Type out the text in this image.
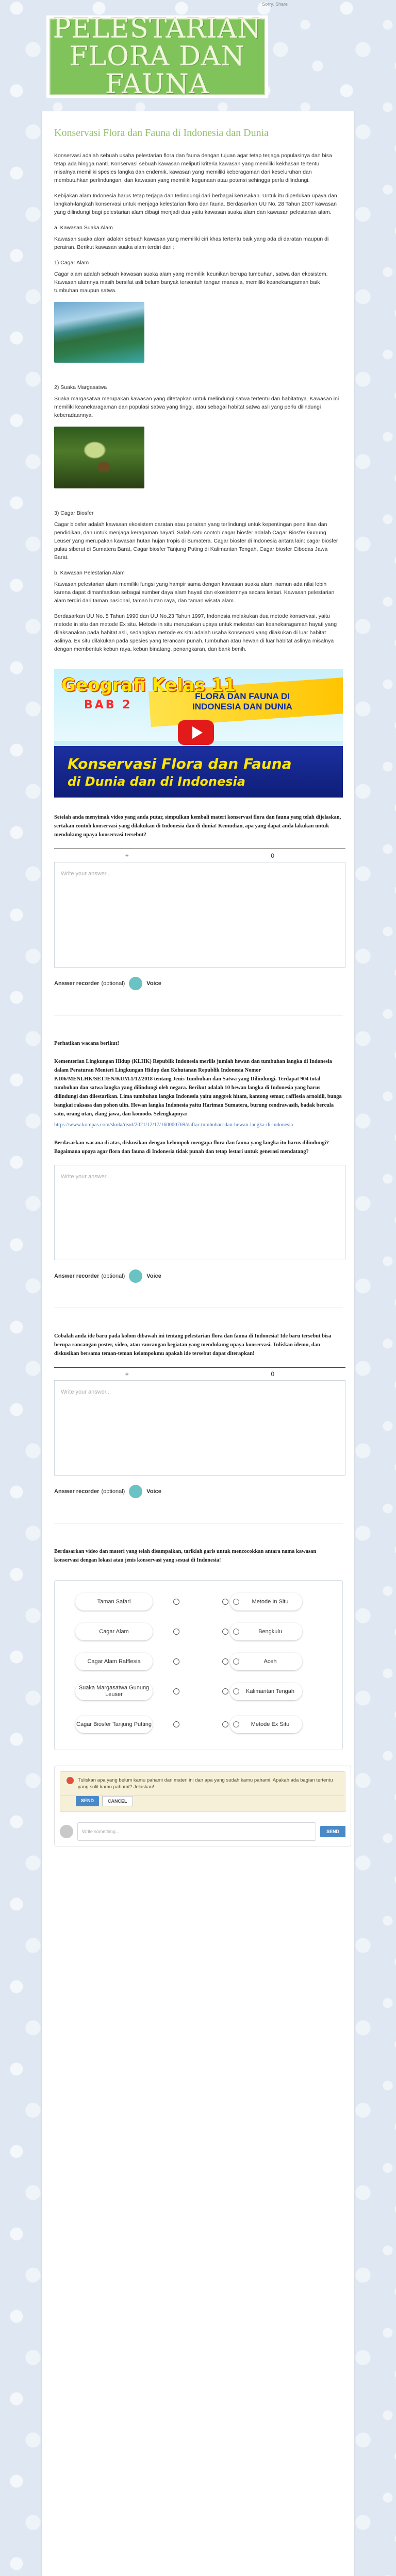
Sorry. Share
PELESTARIAN FLORA DAN FAUNA
Konservasi Flora dan Fauna di Indonesia dan Dunia

Konservasi adalah sebuah usaha pelestarian flora dan fauna dengan tujuan agar tetap terjaga populasinya dan bisa tetap ada hingga nanti. Konservasi sebuah kawasan meliputi kriteria kawasan yang memiliki kekhasan tertentu misalnya memiliki spesies langka dan endemik, kawasan yang memiliki keberagaman dari keseluruhan dan membutuhkan perlindungan, dan kawasan yang memiliki kegunaan atau potensi sehingga perlu dilindungi.

Kebijakan alam Indonesia harus tetap terjaga dan terlindungi dari berbagai kerusakan. Untuk itu diperlukan upaya dan langkah-langkah konservasi untuk menjaga kelestarian flora dan fauna. Berdasarkan UU No. 28 Tahun 2007 kawasan yang dilindungi bagi pelestarian alam dibagi menjadi dua yaitu kawasan suaka alam dan kawasan pelestarian alam.

a. Kawasan Suaka Alam

Kawasan suaka alam adalah sebuah kawasan yang memiliki ciri khas tertentu baik yang ada di daratan maupun di perairan. Berikut kawasan suaka alam terdiri dari :

1) Cagar Alam

Cagar alam adalah sebuah kawasan suaka alam yang memiliki keunikan berupa tumbuhan, satwa dan ekosistem. Kawasan alamnya masih bersifat asli belum banyak tersentuh tangan manusia, memiliki keanekaragaman baik tumbuhan maupun satwa.

2) Suaka Margasatwa

Suaka margasatwa merupakan kawasan yang ditetapkan untuk melindungi satwa tertentu dan habitatnya. Kawasan ini memiliki keanekaragaman dan populasi satwa yang tinggi, atau sebagai habitat satwa asli yang perlu dilindungi keberadaannya.

3) Cagar Biosfer

Cagar biosfer adalah kawasan ekosistem daratan atau perairan yang terlindungi untuk kepentingan penelitian dan pendidikan, dan untuk menjaga keragaman hayati. Salah satu contoh cagar biosfer adalah Cagar Biosfer Gunung Leuser yang merupakan kawasan hutan hujan tropis di Sumatera. Cagar biosfer di Indonesia antara lain: cagar biosfer pulau siberut di Sumatera Barat, Cagar biosfer Tanjung Puting di Kalimantan Tengah, Cagar biosfer Cibodas Jawa Barat.

b. Kawasan Pelestarian Alam

Kawasan pelestarian alam memiliki fungsi yang hampir sama dengan kawasan suaka alam, namun ada nilai lebih karena dapat dimanfaatkan sebagai sumber daya alam hayati dan ekosistemnya secara lestari. Kawasan pelestarian alam terdiri dari taman nasional, taman hutan raya, dan taman wisata alam.

Berdasarkan UU No. 5 Tahun 1990 dan UU No.23 Tahun 1997, Indonesia melakukan dua metode konservasi, yaitu metode in situ dan metode Ex situ. Metode in situ merupakan upaya untuk melestarikan keanekaragaman hayati yang dilaksanakan pada habitat asli, sedangkan metode ex situ adalah usaha konservasi yang dilakukan di luar habitat aslinya. Ex situ dilakukan pada spesies yang terancam punah, tumbuhan atau hewan di luar habitat aslinya misalnya dengan membentuk kebun raya, kebun binatang, penangkaran, dan bank benih.

Geografi Kelas 11
BAB 2
FLORA DAN FAUNA DI INDONESIA DAN DUNIA
Konservasi Flora dan Fauna
di Dunia dan di Indonesia
Setelah anda menyimak video yang anda putar, simpulkan kembali materi konservasi flora dan fauna yang telah dijelaskan, sertakan contoh konservasi yang dilakukan di Indonesia dan di dunia! Kemudian, apa yang dapat anda lakukan untuk mendukung upaya konservasi tersebut?
+	0
Write your answer...
Answer recorder (optional)	Voice
Perhatikan wacana berikut!
Kementerian Lingkungan Hidup (KLHK) Republik Indonesia merilis jumlah hewan dan tumbuhan langka di Indonesia dalam Peraturan Menteri Lingkungan Hidup dan Kehutanan Republik Indonesia Nomor P.106/MENLHK/SETJEN/KUM.1/12/2018 tentang Jenis Tumbuhan dan Satwa yang Dilindungi. Terdapat 904 total tumbuhan dan satwa langka yang dilindungi oleh negara. Berikut adalah 10 hewan langka di Indonesia yang harus dilindungi dan dilestarikan. Lima tumbuhan langka Indonesia yaitu anggrek hitam, kantong semar, rafflesia arnoldii, bunga bangkai raksasa dan pohon ulin. Hewan langka Indonesia yaitu Harimau Sumatera, burung cendrawasih, badak bercula satu, orang utan, elang jawa, dan komodo. Selengkapnya:
https://www.kompas.com/skola/read/2021/12/17/160000769/daftar-tumbuhan-dan-hewan-langka-di-indonesia
Berdasarkan wacana di atas, diskusikan dengan kelompok mengapa flora dan fauna yang langka itu harus dilindungi? Bagaimana upaya agar flora dan fauna di Indonesia tidak punah dan tetap lestari untuk generasi mendatang?
Write your answer...
Answer recorder (optional)	Voice
Cobalah anda ide baru pada kolom dibawah ini tentang pelestarian flora dan fauna di Indonesia! Ide baru tersebut bisa berupa rancangan poster, video, atau rancangan kegiatan yang mendukung upaya konservasi. Tuliskan idemu, dan diskusikan bersama teman-teman kelompokmu apakah ide tersebut dapat diterapkan!
+	0
Write your answer...
Answer recorder (optional)	Voice
Berdasarkan video dan materi yang telah disampaikan, tariklah garis untuk mencocokkan antara nama kawasan konservasi dengan lokasi atau jenis konservasi yang sesuai di Indonesia!
Taman Safari
Cagar Alam
Cagar Alam Rafflesia
Suaka Margasatwa Gunung Leuser
Cagar Biosfer Tanjung Putting
Metode In Situ
Bengkulu
Aceh
Kalimantan Tengah
Metode Ex Situ
Tuliskan apa yang belum kamu pahami dari materi ini dan apa yang sudah kamu pahami. Apakah ada bagian tertentu yang sulit kamu pahami? Jelaskan!
SEND	CANCEL
Write something...	SEND
